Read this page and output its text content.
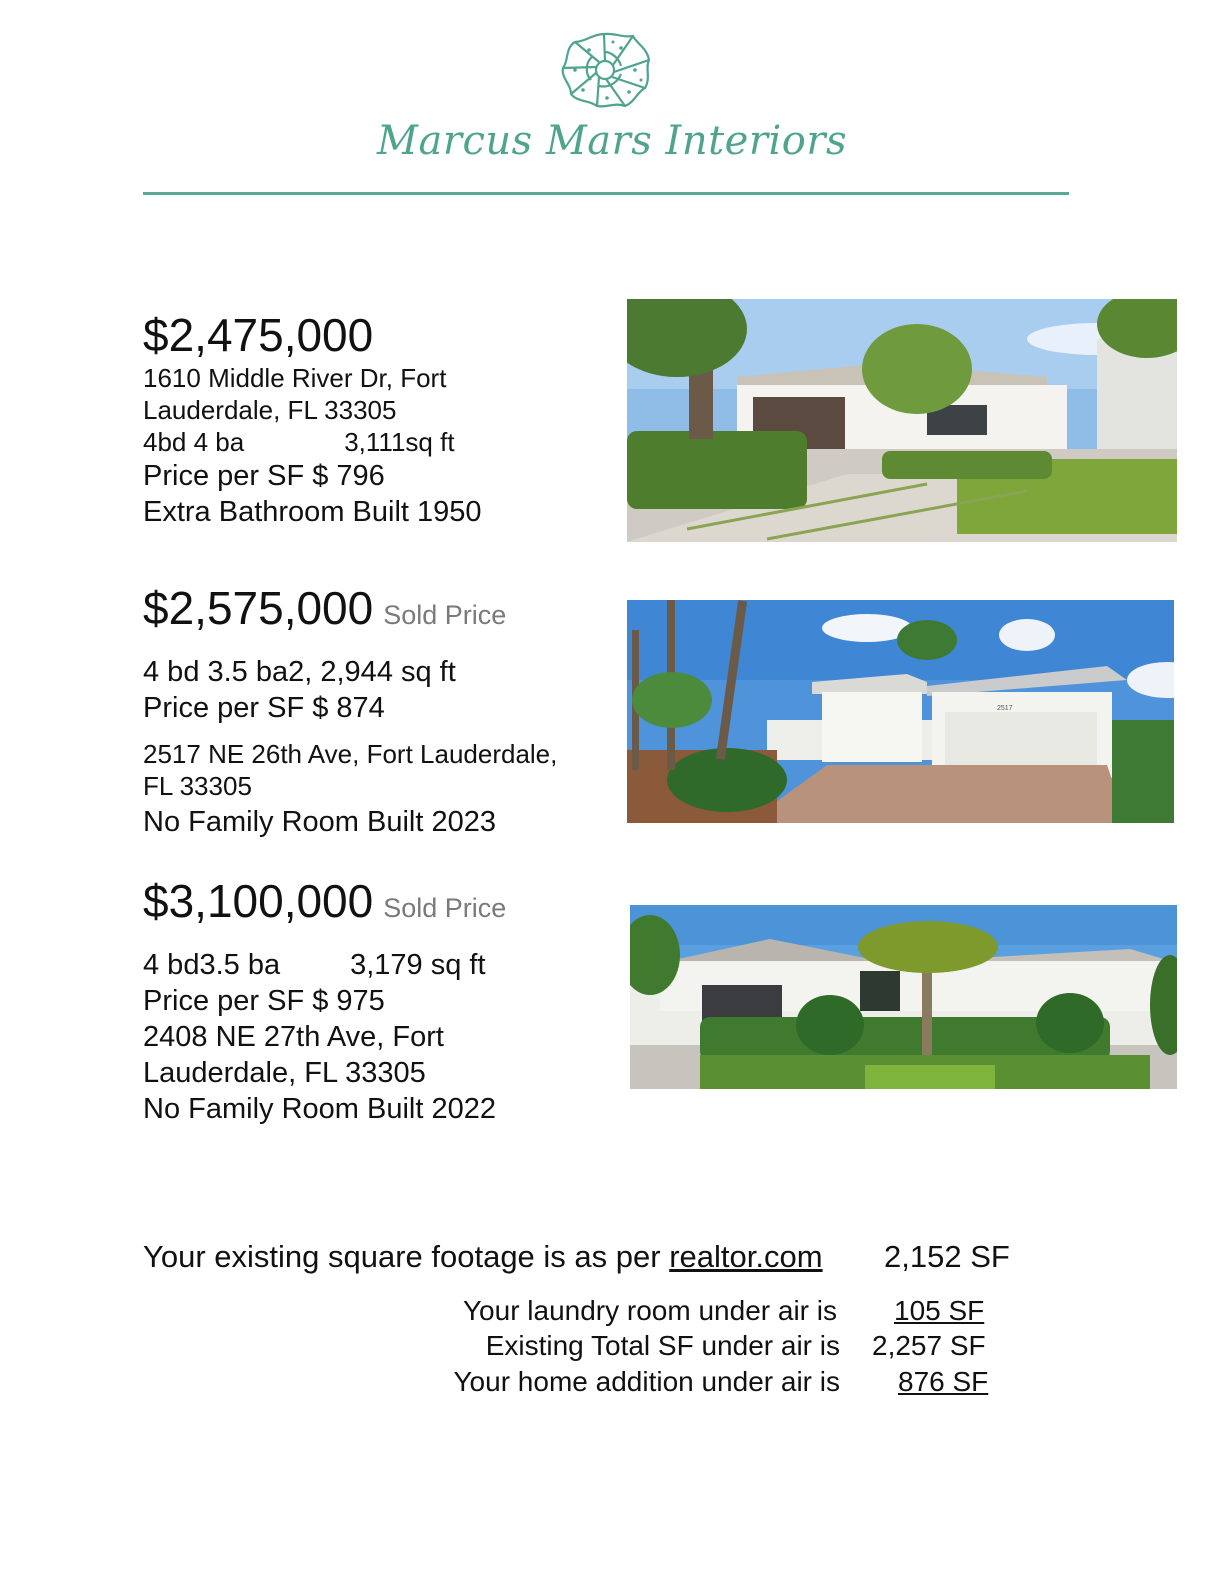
Marcus Mars Interiors
$2,475,000
1610 Middle River Dr, Fort
Lauderdale, FL 33305
4bd 4 ba	3,111sq ft
Price per SF $ 796
Extra Bathroom Built 1950
$2,575,000 Sold Price
4 bd 3.5 ba2, 2,944 sq ft
Price per SF $ 874
2517 NE 26th Ave, Fort Lauderdale,
FL 33305
No Family Room Built 2023
$3,100,000 Sold Price
4 bd3.5 ba 3,179 sq ft
Price per SF $ 975
2408 NE 27th Ave, Fort
Lauderdale, FL 33305
No Family Room Built 2022
2517
Your existing square footage is as per realtor.com 2,152 SF
Your laundry room under air is 105 SF
Existing Total SF under air is 2,257 SF
Your home addition under air is 876 SF
